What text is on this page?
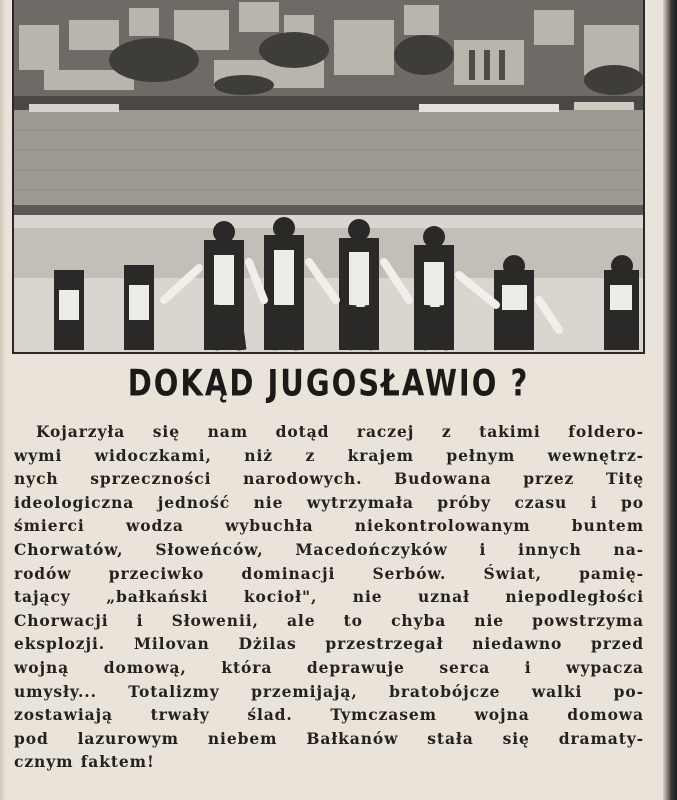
DOKĄD JUGOSŁAWIO ?
Kojarzyła się nam dotąd raczej z takimi foldero-
wymi widoczkami, niż z krajem pełnym wewnętrz-
nych sprzeczności narodowych. Budowana przez Titę
ideologiczna jedność nie wytrzymała próby czasu i po
śmierci wodza wybuchła niekontrolowanym buntem
Chorwatów, Słoweńców, Macedończyków i innych na-
rodów przeciwko dominacji Serbów. Świat, pamię-
tający „bałkański kocioł", nie uznał niepodległości
Chorwacji i Słowenii, ale to chyba nie powstrzyma
eksplozji. Milovan Dżilas przestrzegał niedawno przed
wojną domową, która deprawuje serca i wypacza
umysły... Totalizmy przemijają, bratobójcze walki po-
zostawiają trwały ślad. Tymczasem wojna domowa
pod lazurowym niebem Bałkanów stała się dramaty-
cznym faktem!
